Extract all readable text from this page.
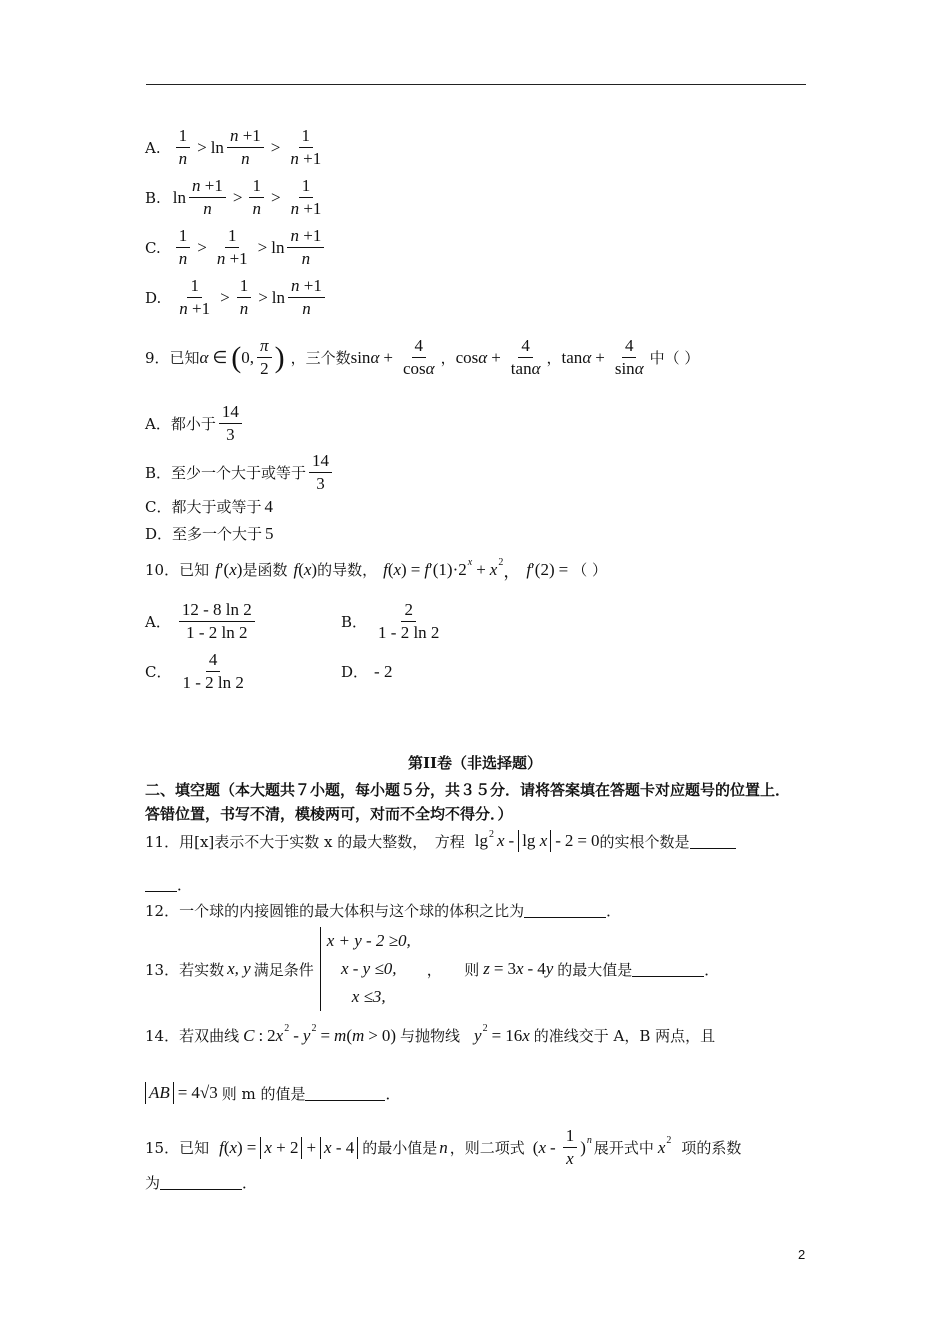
A. $\frac{1}{n} > \ln \frac{n +1}{n} > \frac{1}{n +1}$
B. $\ln \frac{n +1}{n} > \frac{1}{n} > \frac{1}{n +1}$
C. $\frac{1}{n} > \frac{1}{n +1} > \ln \frac{n +1}{n}$
D. $\frac{1}{n +1} > \frac{1}{n} > \ln \frac{n +1}{n}$
9．已知 α ∈ ( 0, $\frac{\pi}{2}$ ) ，三个数 $\sin \alpha + \frac{4}{\cos\alpha}$ ， $\cos \alpha + \frac{4}{\tan\alpha}$ ， $\tan \alpha + \frac{4}{\sin\alpha}$ 中（ ）
A．都小于 $\frac{14}{3}$
B．至少一个大于或等于 $\frac{14}{3}$
C．都大于或等于 4
D．至多一个大于 5
10．已知 f ′( x ) 是函数 f ( x ) 的导数， f ( x ) = f ′(1)·2 x + x 2 ， f ′(2) = （ ）
A． $\frac{12 - 8 \ln 2}{1 - 2 \ln 2}$	B． $\frac{2}{1 - 2 \ln 2}$
C． $\frac{4}{1 - 2 \ln 2}$	D． - 2
第II卷（非选择题）
二、填空题（本大题共７小题，每小题５分，共３５分．请将答案填在答题卡对应题号的位置上．
答错位置，书写不清，模棱两可，对而不全均不得分．）
11．用[x]表示不大于实数 x 的最大整数，　方程 lg 2 x - lg x - 2 = 0 的实根个数是
．
12．一个球的内接圆锥的最大体积与这个球的体积之比为	．
13．若实数 x, y 满足条件
x + y - 2 ≥0,
x - y ≤0,
x ≤3,
，　　则 z = 3 x - 4 y 的最大值是	．
14．若双曲线 C : 2 x 2 - y 2 = m ( m > 0) 与抛物线 y 2 = 16 x 的准线交于 A，B 两点，且
AB = 4√3 则 m 的值是	．
15．已知 f ( x ) = x + 2 + x - 4 的最小值是 n ，则二项式 ( x - $\frac{1}{x}$ ) n 展开式中 x 2 项的系数
为	．
2
